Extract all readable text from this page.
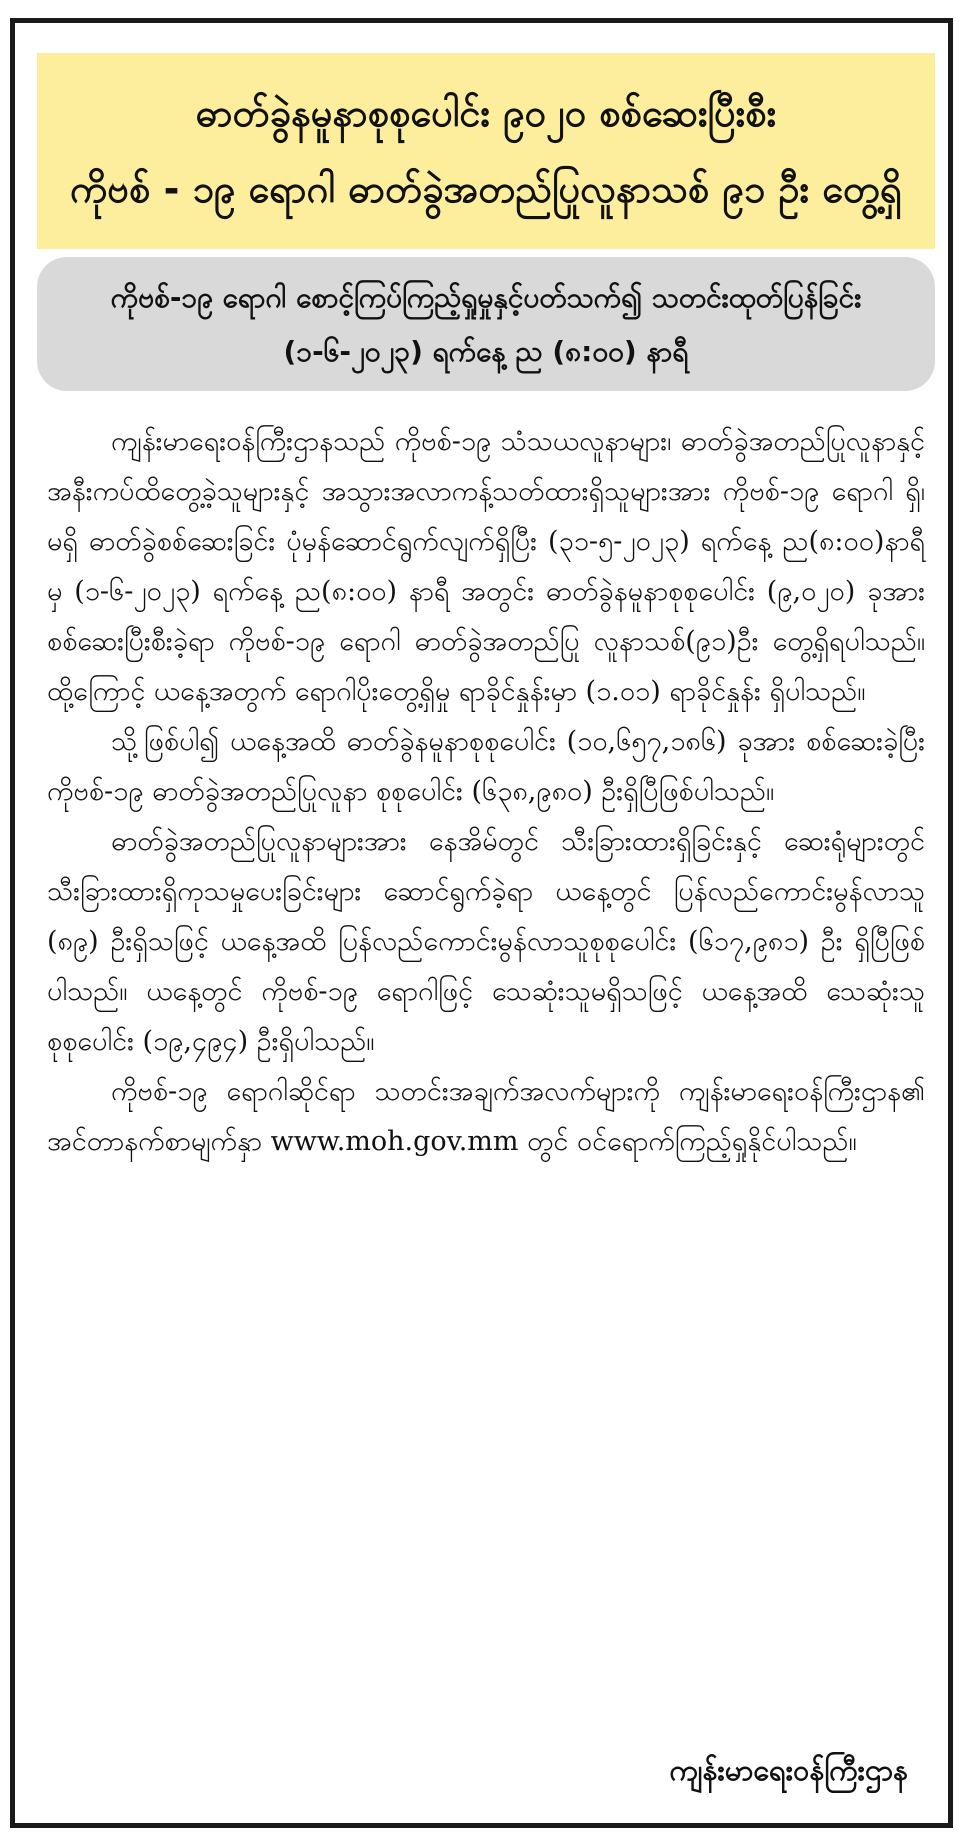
ဓာတ်ခွဲနမူနာစုစုပေါင်း ၉၀၂၀ စစ်ဆေးပြီးစီး
ကိုဗစ် - ၁၉ ရောဂါ ဓာတ်ခွဲအတည်ပြုလူနာသစ် ၉၁ ဦး တွေ့ရှိ
ကိုဗစ်-၁၉ ရောဂါ စောင့်ကြပ်ကြည့်ရှုမှုနှင့်ပတ်သက်၍ သတင်းထုတ်ပြန်ခြင်း
(၁-၆-၂၀၂၃) ရက်နေ့ ည (၈:၀၀) နာရီ

ကျန်းမာရေးဝန်ကြီးဌာနသည် ကိုဗစ်-၁၉ သံသယလူနာများ၊ ဓာတ်ခွဲအတည်ပြုလူနာနှင့် အနီးကပ်ထိတွေ့ခဲ့သူများနှင့် အသွားအလာကန့်သတ်ထားရှိသူများအား ကိုဗစ်-၁၉ ရောဂါ ရှိ၊ မရှိ ဓာတ်ခွဲစစ်ဆေးခြင်း ပုံမှန်ဆောင်ရွက်လျက်ရှိပြီး (၃၁-၅-၂၀၂၃) ရက်နေ့ ည(၈:၀၀)နာရီမှ (၁-၆-၂၀၂၃) ရက်နေ့ ည(၈:၀၀) နာရီ အတွင်း ဓာတ်ခွဲနမူနာစုစုပေါင်း (၉,၀၂၀) ခုအား စစ်ဆေးပြီးစီးခဲ့ရာ ကိုဗစ်-၁၉ ရောဂါ ဓာတ်ခွဲအတည်ပြု လူနာသစ်(၉၁)ဦး တွေ့ရှိရပါသည်။ ထို့ကြောင့် ယနေ့အတွက် ရောဂါပိုးတွေ့ရှိမှု ရာခိုင်နှုန်းမှာ (၁.၀၁) ရာခိုင်နှုန်း ရှိပါသည်။

သို့ဖြစ်ပါ၍ ယနေ့အထိ ဓာတ်ခွဲနမူနာစုစုပေါင်း (၁၀,၆၅၇,၁၈၆) ခုအား စစ်ဆေးခဲ့ပြီး ကိုဗစ်-၁၉ ဓာတ်ခွဲအတည်ပြုလူနာ စုစုပေါင်း (၆၃၈,၉၈၀) ဦးရှိပြီဖြစ်ပါသည်။

ဓာတ်ခွဲအတည်ပြုလူနာများအား နေအိမ်တွင် သီးခြားထားရှိခြင်းနှင့် ဆေးရုံများတွင် သီးခြားထားရှိကုသမှုပေးခြင်းများ ဆောင်ရွက်ခဲ့ရာ ယနေ့တွင် ပြန်လည်ကောင်းမွန်လာသူ (၈၉) ဦးရှိသဖြင့် ယနေ့အထိ ပြန်လည်ကောင်းမွန်လာသူစုစုပေါင်း (၆၁၇,၉၈၁) ဦး ရှိပြီဖြစ်ပါသည်။ ယနေ့တွင် ကိုဗစ်-၁၉ ရောဂါဖြင့် သေဆုံးသူမရှိသဖြင့် ယနေ့အထိ သေဆုံးသူစုစုပေါင်း (၁၉,၄၉၄) ဦးရှိပါသည်။

ကိုဗစ်-၁၉ ရောဂါဆိုင်ရာ သတင်းအချက်အလက်များကို ကျန်းမာရေးဝန်ကြီးဌာန၏ အင်တာနက်စာမျက်နှာ www.moh.gov.mm တွင် ဝင်ရောက်ကြည့်ရှုနိုင်ပါသည်။

ကျန်းမာရေးဝန်ကြီးဌာန
